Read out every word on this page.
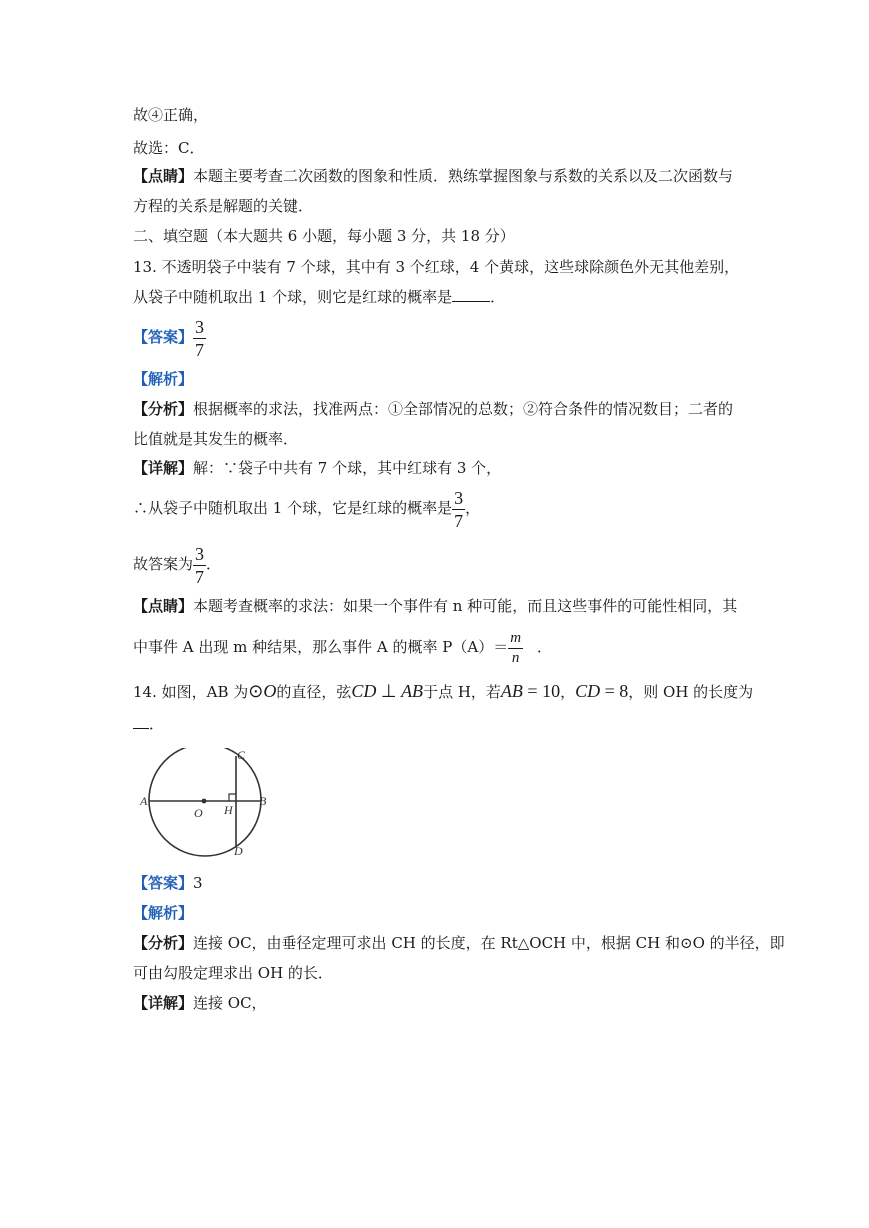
故④正确，
故选：C．
【点睛】本题主要考查二次函数的图象和性质．熟练掌握图象与系数的关系以及二次函数与
方程的关系是解题的关键．
二、填空题（本大题共 6 小题，每小题 3 分，共 18 分）
13. 不透明袋子中装有 7 个球，其中有 3 个红球，4 个黄球，这些球除颜色外无其他差别，
从袋子中随机取出 1 个球，则它是红球的概率是	．
【答案】 $\frac{3}{7}$
【解析】
【分析】根据概率的求法，找准两点：①全部情况的总数；②符合条件的情况数目；二者的
比值就是其发生的概率．
【详解】解：∵袋子中共有 7 个球，其中红球有 3 个，
∴从袋子中随机取出 1 个球，它是红球的概率是 $\frac{3}{7}$ ，
故答案为 $\frac{3}{7}$ ．
【点睛】本题考查概率的求法：如果一个事件有 n 种可能，而且这些事件的可能性相同，其
中事件 A 出现 m 种结果，那么事件 A 的概率 $P(A)= \frac{m}{n}$ ．
14. 如图，AB 为⊙O的直径，弦CD ⊥ AB于点 H，若AB = 10，CD = 8，则 OH 的长度为
．
A	B
C
D
O H
【答案】3
【解析】
【分析】连接 OC，由垂径定理可求出 CH 的长度，在 Rt△OCH 中，根据 CH 和⊙O 的半径，即
可由勾股定理求出 OH 的长．
【详解】连接 OC，
